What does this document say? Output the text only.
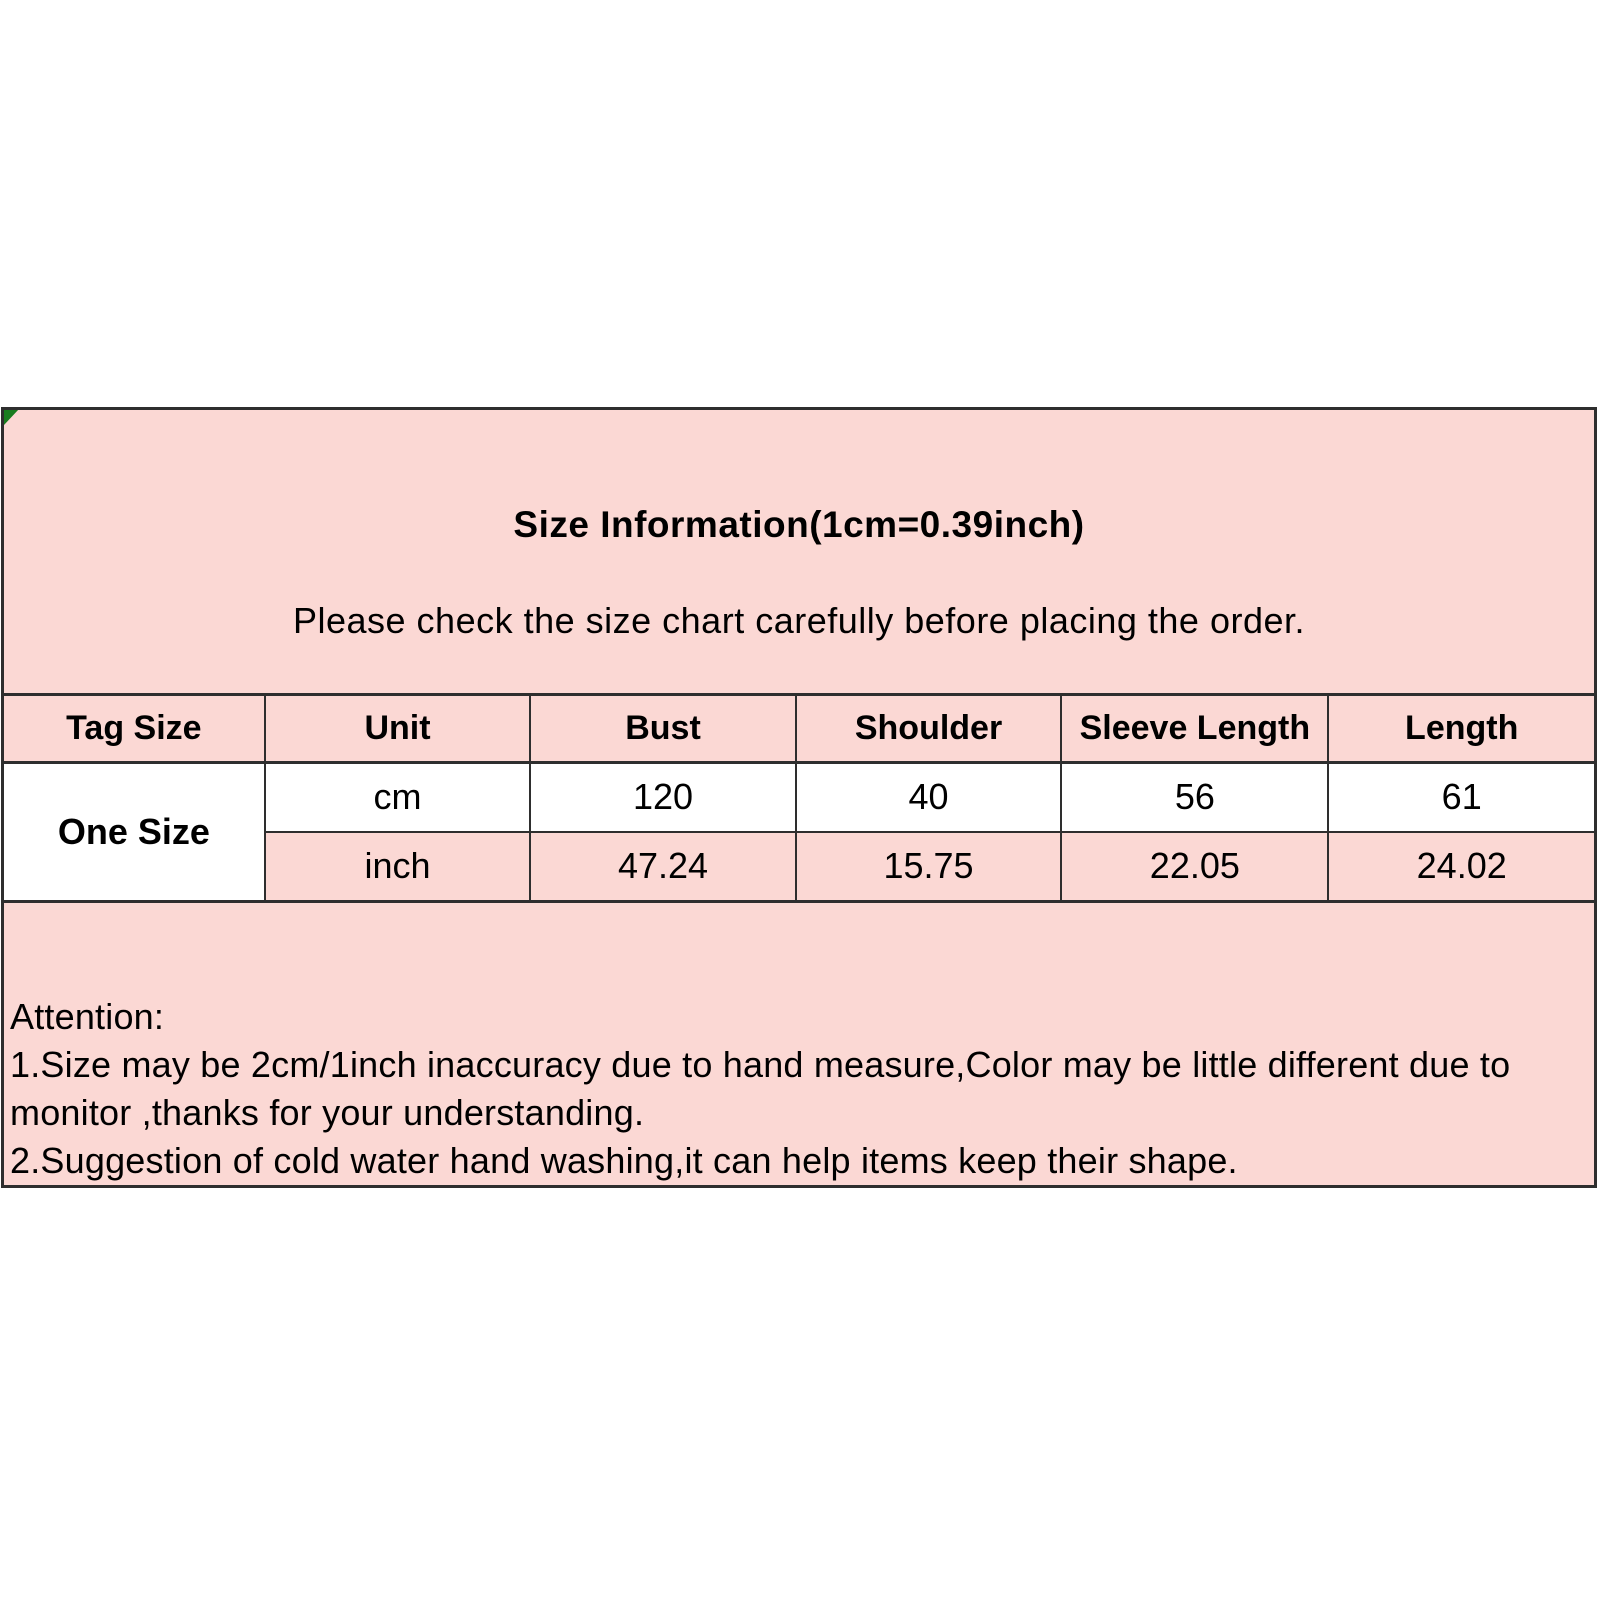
Size Information(1cm=0.39inch)
Please check the size chart carefully before placing the order.
Tag Size	Unit	Bust	Shoulder	Sleeve Length	Length
One Size	cm	120	40	56	61
	inch	47.24	15.75	22.05	24.02
Attention:
1.Size may be 2cm/1inch inaccuracy due to hand measure,Color may be little different due to
monitor ,thanks for your understanding.
2.Suggestion of cold water hand washing,it can help items keep their shape.
